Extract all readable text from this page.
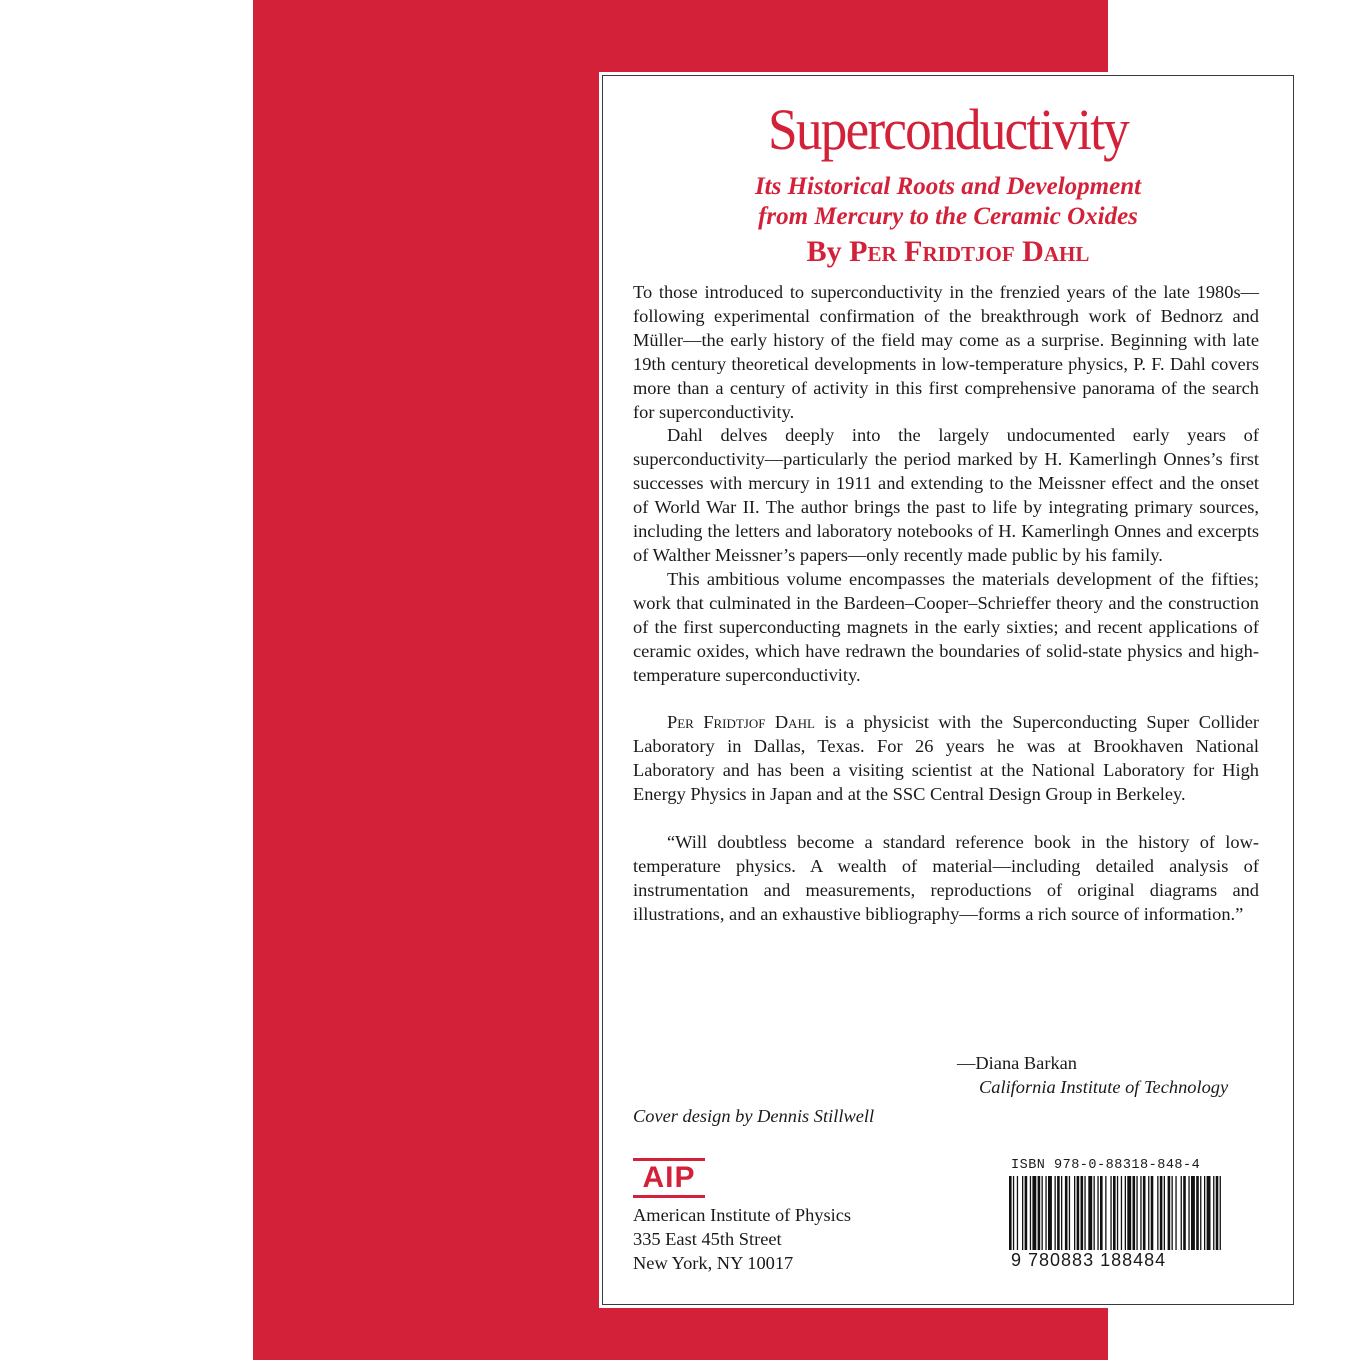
Superconductivity
Its Historical Roots and Development
from Mercury to the Ceramic Oxides
By Per Fridtjof Dahl

To those introduced to superconductivity in the frenzied years of the late 1980s—following experimental confirmation of the breakthrough work of Bednorz and Müller—the early history of the field may come as a surprise. Beginning with late 19th century theoretical developments in low-temperature physics, P. F. Dahl covers more than a century of activity in this first comprehensive panorama of the search for superconductivity.

Dahl delves deeply into the largely undocumented early years of superconductivity—particularly the period marked by H. Kamerlingh Onnes’s first successes with mercury in 1911 and extending to the Meissner effect and the onset of World War II. The author brings the past to life by integrating primary sources, including the letters and laboratory notebooks of H. Kamerlingh Onnes and excerpts of Walther Meissner’s papers—only recently made public by his family.

This ambitious volume encompasses the materials development of the fifties; work that culminated in the Bardeen–Cooper–Schrieffer theory and the construction of the first superconducting magnets in the early sixties; and recent applications of ceramic oxides, which have redrawn the boundaries of solid-state physics and high-temperature superconductivity.

Per Fridtjof Dahl is a physicist with the Superconducting Super Collider Laboratory in Dallas, Texas. For 26 years he was at Brookhaven National Laboratory and has been a visiting scientist at the National Laboratory for High Energy Physics in Japan and at the SSC Central Design Group in Berkeley.

“Will doubtless become a standard reference book in the history of low-temperature physics. A wealth of material—including detailed analysis of instrumentation and measurements, reproductions of original diagrams and illustrations, and an exhaustive bibliography—forms a rich source of information.”

—Diana Barkan
California Institute of Technology
Cover design by Dennis Stillwell
AIP
American Institute of Physics
335 East 45th Street
New York, NY 10017
ISBN 978-0-88318-848-4
9 780883 188484
